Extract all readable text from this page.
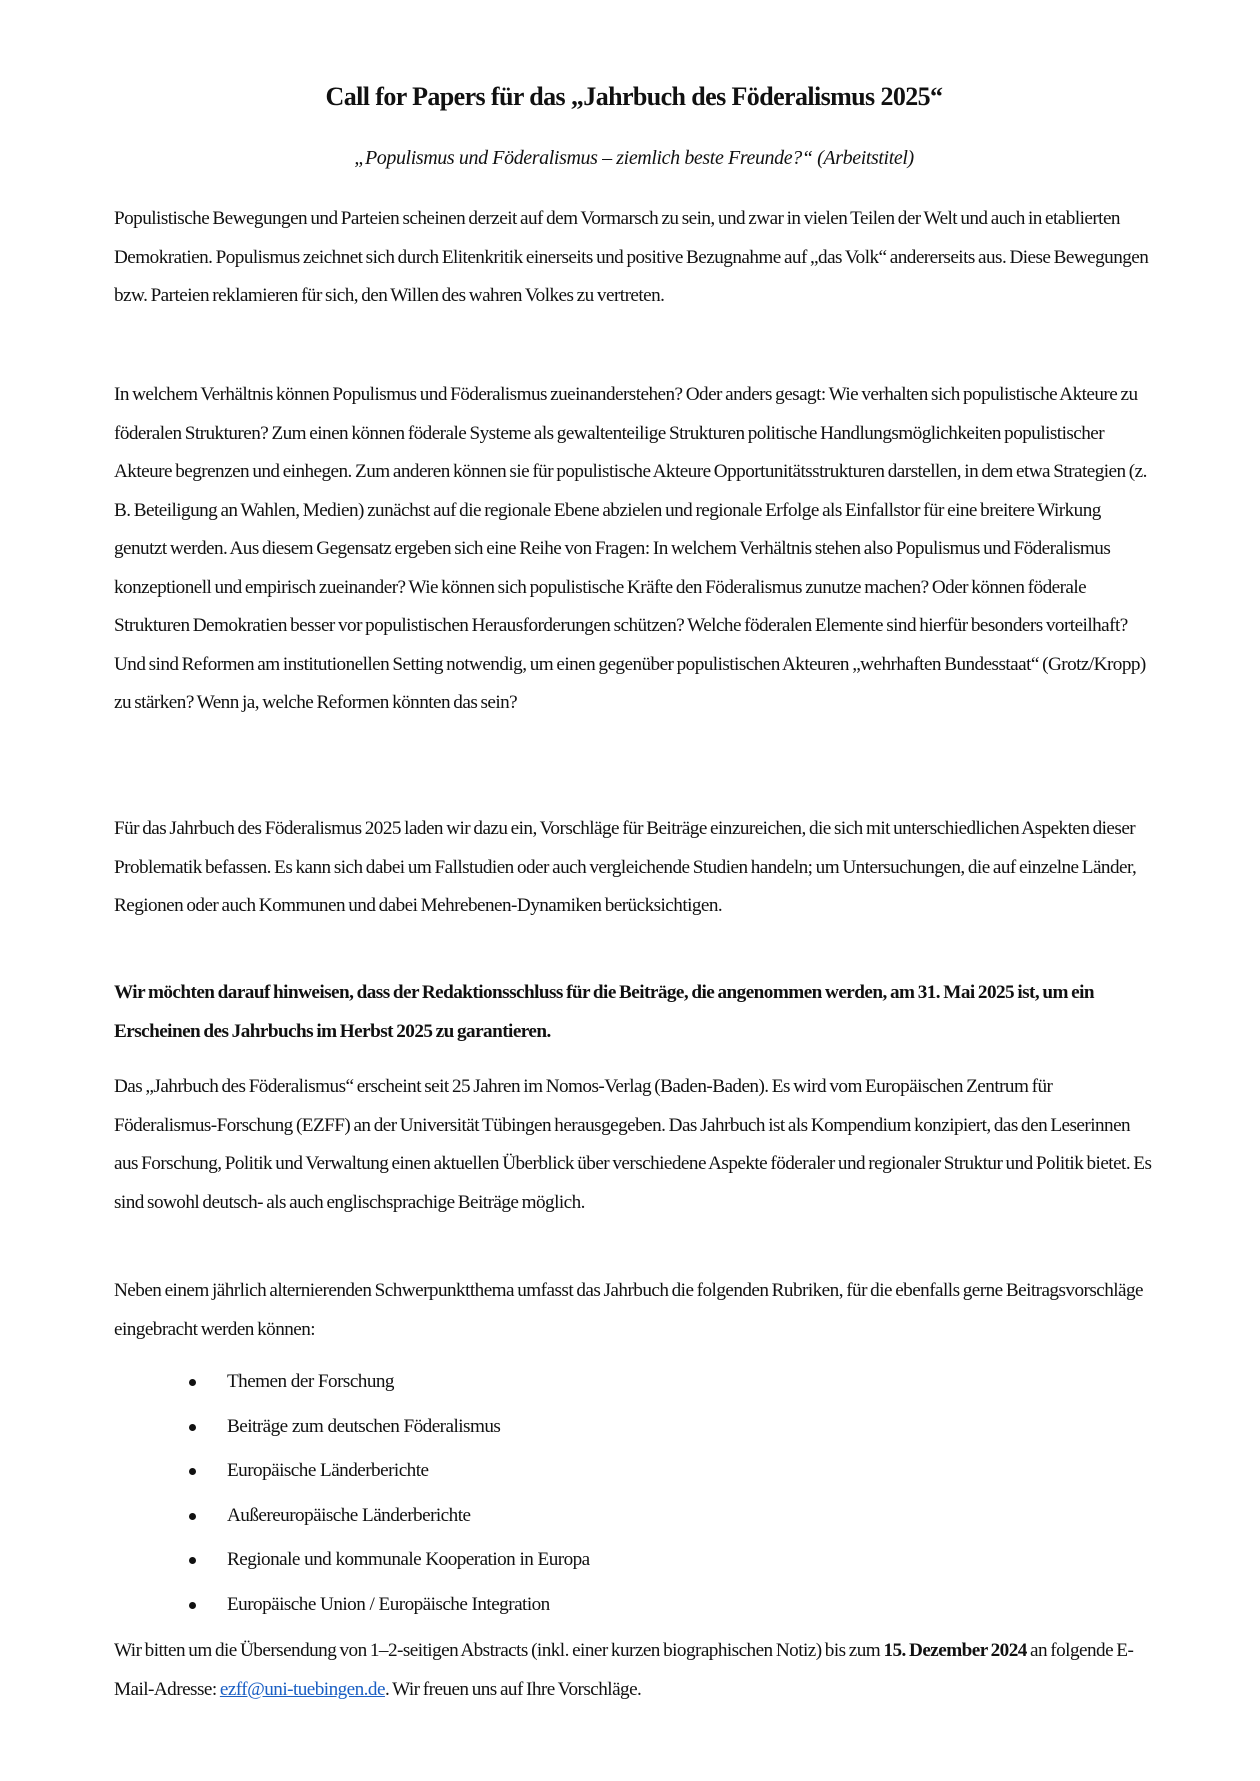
Call for Papers für das „Jahrbuch des Föderalismus 2025“
„Populismus und Föderalismus – ziemlich beste Freunde?“ (Arbeitstitel)

Populistische Bewegungen und Parteien scheinen derzeit auf dem Vormarsch zu sein, und zwar in vielen Teilen der Welt und auch in etablierten Demokratien. Populismus zeichnet sich durch Elitenkritik einerseits und positive Bezugnahme auf „das Volk“ andererseits aus. Diese Bewegungen bzw. Parteien reklamieren für sich, den Willen des wahren Volkes zu vertreten.

In welchem Verhältnis können Populismus und Föderalismus zueinanderstehen? Oder anders gesagt: Wie verhalten sich populistische Akteure zu föderalen Strukturen? Zum einen können föderale Systeme als gewaltenteilige Strukturen politische Handlungsmöglichkeiten populistischer Akteure begrenzen und einhegen. Zum anderen können sie für populistische Akteure Opportunitätsstrukturen darstellen, in dem etwa Strategien (z. B. Beteiligung an Wahlen, Medien) zunächst auf die regionale Ebene abzielen und regionale Erfolge als Einfallstor für eine breitere Wirkung genutzt werden. Aus diesem Gegensatz ergeben sich eine Reihe von Fragen: In welchem Verhältnis stehen also Populismus und Föderalismus konzeptionell und empirisch zueinander? Wie können sich populistische Kräfte den Föderalismus zunutze machen? Oder können föderale Strukturen Demokratien besser vor populistischen Herausforderungen schützen? Welche föderalen Elemente sind hierfür besonders vorteilhaft? Und sind Reformen am institutionellen Setting notwendig, um einen gegenüber populistischen Akteuren „wehrhaften Bundesstaat“ (Grotz/Kropp) zu stärken? Wenn ja, welche Reformen könnten das sein?

Für das Jahrbuch des Föderalismus 2025 laden wir dazu ein, Vorschläge für Beiträge einzureichen, die sich mit unterschiedlichen Aspekten dieser Problematik befassen. Es kann sich dabei um Fallstudien oder auch vergleichende Studien handeln; um Untersuchungen, die auf einzelne Länder, Regionen oder auch Kommunen und dabei Mehrebenen-Dynamiken berücksichtigen.

Wir möchten darauf hinweisen, dass der Redaktionsschluss für die Beiträge, die angenommen werden, am 31. Mai 2025 ist, um ein Erscheinen des Jahrbuchs im Herbst 2025 zu garantieren.

Das „Jahrbuch des Föderalismus“ erscheint seit 25 Jahren im Nomos-Verlag (Baden-Baden). Es wird vom Europäischen Zentrum für Föderalismus-Forschung (EZFF) an der Universität Tübingen herausgegeben. Das Jahrbuch ist als Kompendium konzipiert, das den Leserinnen aus Forschung, Politik und Verwaltung einen aktuellen Überblick über verschiedene Aspekte föderaler und regionaler Struktur und Politik bietet. Es sind sowohl deutsch- als auch englischsprachige Beiträge möglich.

Neben einem jährlich alternierenden Schwerpunktthema umfasst das Jahrbuch die folgenden Rubriken, für die ebenfalls gerne Beitragsvorschläge eingebracht werden können:

Themen der Forschung
Beiträge zum deutschen Föderalismus
Europäische Länderberichte
Außereuropäische Länderberichte
Regionale und kommunale Kooperation in Europa
Europäische Union / Europäische Integration

Wir bitten um die Übersendung von 1–2-seitigen Abstracts (inkl. einer kurzen biographischen Notiz) bis zum 15. Dezember 2024 an folgende E-Mail-Adresse: ezff@uni-tuebingen.de. Wir freuen uns auf Ihre Vorschläge.
